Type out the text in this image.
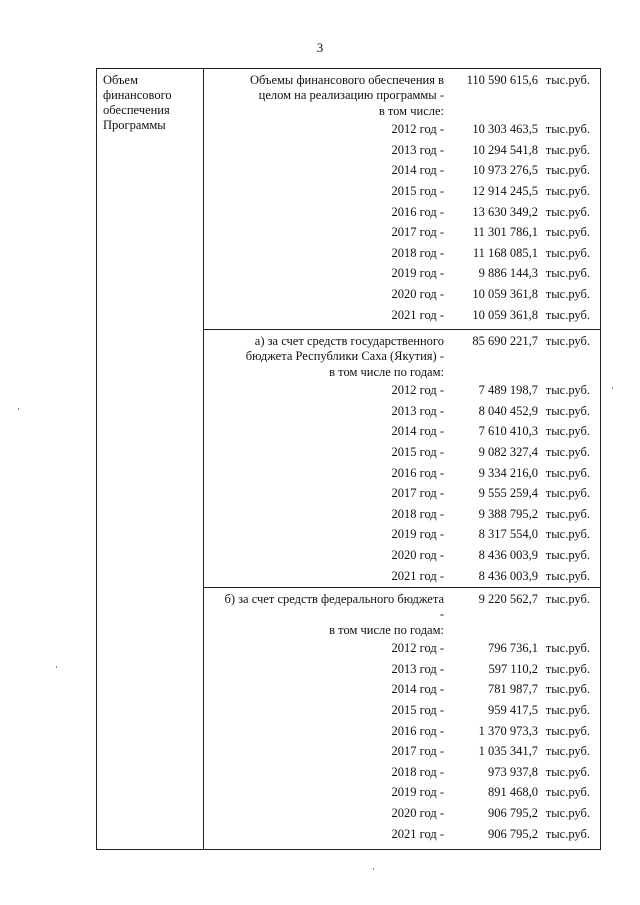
3
Объем
финансового
обеспечения
Программы
Объемы финансового обеспечения в
целом на реализацию программы -
в том числе:
110 590 615,6 тыс.руб.
2012 год - 10 303 463,5 тыс.руб.
2013 год - 10 294 541,8 тыс.руб.
2014 год - 10 973 276,5 тыс.руб.
2015 год - 12 914 245,5 тыс.руб.
2016 год - 13 630 349,2 тыс.руб.
2017 год - 11 301 786,1 тыс.руб.
2018 год - 11 168 085,1 тыс.руб.
2019 год -	9 886 144,3 тыс.руб.
2020 год - 10 059 361,8 тыс.руб.
2021 год - 10 059 361,8 тыс.руб.
а) за счет средств государственного
бюджета Республики Саха (Якутия) -
в том числе по годам:
85 690 221,7 тыс.руб.
2012 год -	7 489 198,7 тыс.руб.
2013 год -	8 040 452,9 тыс.руб.
2014 год -	7 610 410,3 тыс.руб.
2015 год -	9 082 327,4 тыс.руб.
2016 год -	9 334 216,0 тыс.руб.
2017 год -	9 555 259,4 тыс.руб.
2018 год -	9 388 795,2 тыс.руб.
2019 год -	8 317 554,0 тыс.руб.
2020 год -	8 436 003,9 тыс.руб.
2021 год -	8 436 003,9 тыс.руб.
б) за счет средств федерального бюджета
-
в том числе по годам:
9 220 562,7 тыс.руб.
2012 год -	796 736,1 тыс.руб.
2013 год -	597 110,2 тыс.руб.
2014 год -	781 987,7 тыс.руб.
2015 год -	959 417,5 тыс.руб.
2016 год -	1 370 973,3 тыс.руб.
2017 год -	1 035 341,7 тыс.руб.
2018 год -	973 937,8 тыс.руб.
2019 год -	891 468,0 тыс.руб.
2020 год -	906 795,2 тыс.руб.
2021 год -	906 795,2 тыс.руб.
